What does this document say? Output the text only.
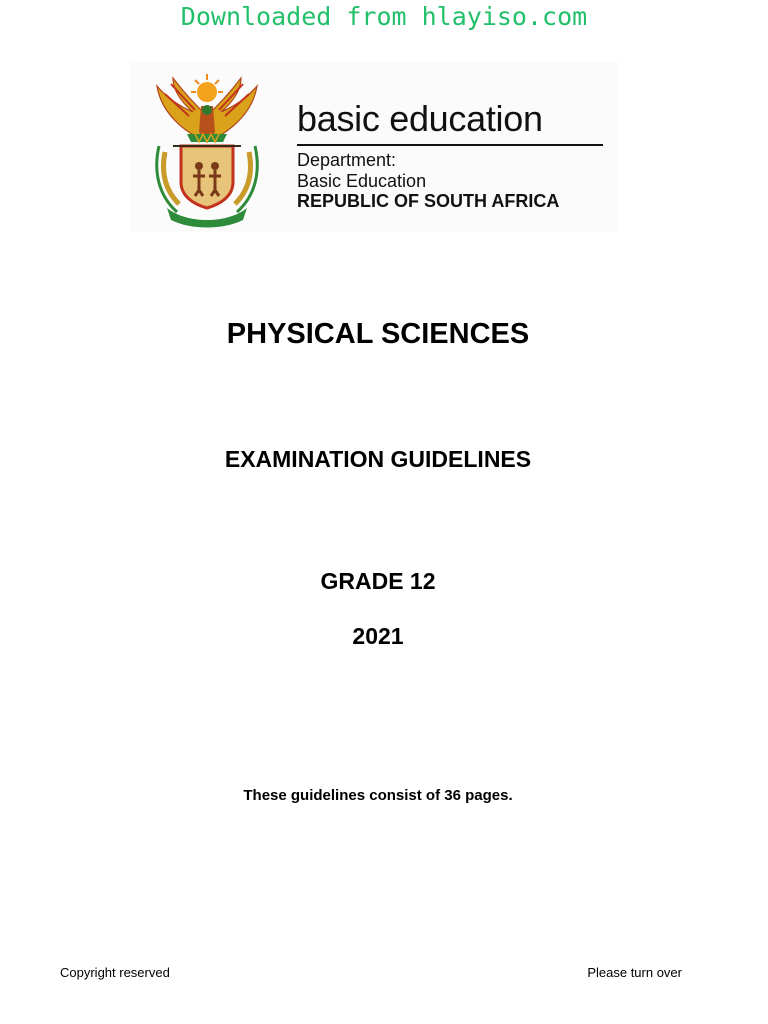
Downloaded from hlayiso.com
basic education
Department:
Basic Education
REPUBLIC OF SOUTH AFRICA
PHYSICAL SCIENCES
EXAMINATION GUIDELINES
GRADE 12
2021
These guidelines consist of 36 pages.
Copyright reserved	Please turn over
